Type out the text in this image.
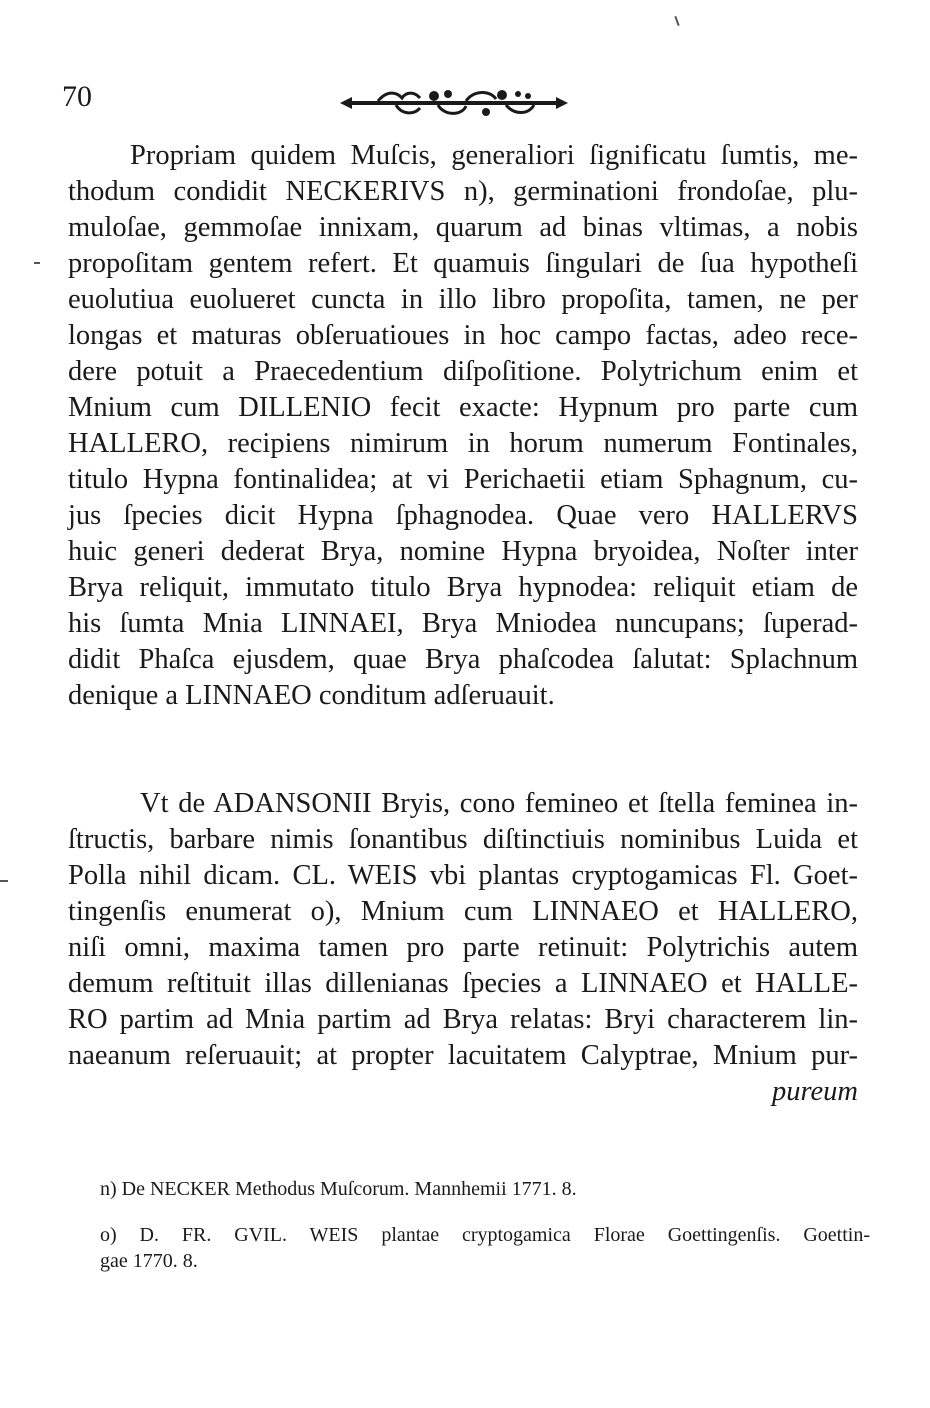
70
Propriam quidem Muſcis, generaliori ſignificatu ſumtis, me-
thodum condidit NECKERIVS n), germinationi frondoſae, plu-
muloſae, gemmoſae innixam, quarum ad binas vltimas, a nobis
propoſitam gentem refert. Et quamuis ſingulari de ſua hypotheſi
euolutiua euolueret cuncta in illo libro propoſita, tamen, ne per
longas et maturas obſeruatioues in hoc campo factas, adeo rece-
dere potuit a Praecedentium diſpoſitione. Polytrichum enim et
Mnium cum DILLENIO fecit exacte: Hypnum pro parte cum
HALLERO, recipiens nimirum in horum numerum Fontinales,
titulo Hypna fontinalidea; at vi Perichaetii etiam Sphagnum, cu-
jus ſpecies dicit Hypna ſphagnodea. Quae vero HALLERVS
huic generi dederat Brya, nomine Hypna bryoidea, Noſter inter
Brya reliquit, immutato titulo Brya hypnodea: reliquit etiam de
his ſumta Mnia LINNAEI, Brya Mniodea nuncupans; ſuperad-
didit Phaſca ejusdem, quae Brya phaſcodea ſalutat: Splachnum
denique a LINNAEO conditum adſeruauit.
Vt de ADANSONII Bryis, cono femineo et ſtella feminea in-
ſtructis, barbare nimis ſonantibus diſtinctiuis nominibus Luida et
Polla nihil dicam. CL. WEIS vbi plantas cryptogamicas Fl. Goet-
tingenſis enumerat o), Mnium cum LINNAEO et HALLERO,
niſi omni, maxima tamen pro parte retinuit: Polytrichis autem
demum reſtituit illas dillenianas ſpecies a LINNAEO et HALLE-
RO partim ad Mnia partim ad Brya relatas: Bryi characterem lin-
naeanum reſeruauit; at propter lacuitatem Calyptrae, Mnium pur-
pureum
n) De NECKER Methodus Muſcorum. Mannhemii 1771. 8.
o) D. FR. GVIL. WEIS plantae cryptogamica Florae Goettingenſis. Goettin-
gae 1770. 8.
